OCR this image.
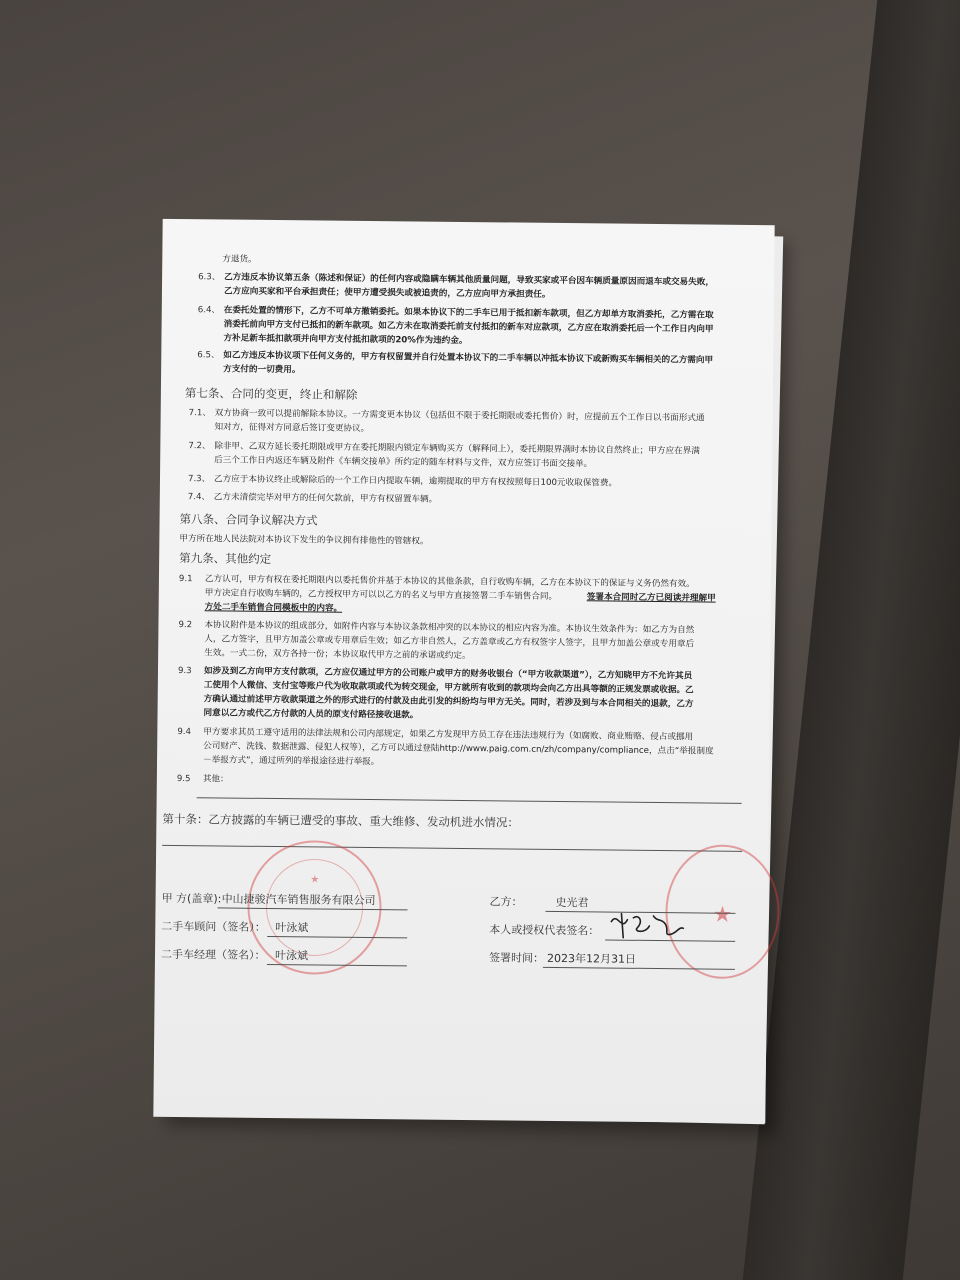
方退货。
6.3、 乙方违反本协议第五条（陈述和保证）的任何内容或隐瞒车辆其他质量问题，导致买家或平台因车辆质量原因而退车或交易失败，
乙方应向买家和平台承担责任；使甲方遭受损失或被追责的，乙方应向甲方承担责任。
6.4、 在委托处置的情形下，乙方不可单方撤销委托。如果本协议下的二手车已用于抵扣新车款项，但乙方却单方取消委托，乙方需在取
消委托前向甲方支付已抵扣的新车款项。如乙方未在取消委托前支付抵扣的新车对应款项，乙方应在取消委托后一个工作日内向甲
方补足新车抵扣款项并向甲方支付抵扣款项的20%作为违约金。
6.5、 如乙方违反本协议项下任何义务的，甲方有权留置并自行处置本协议下的二手车辆以冲抵本协议下或新购买车辆相关的乙方需向甲
方支付的一切费用。
第七条、合同的变更，终止和解除
7.1、 双方协商一致可以提前解除本协议。一方需变更本协议（包括但不限于委托期限或委托售价）时，应提前五个工作日以书面形式通
知对方，征得对方同意后签订变更协议。
7.2、 除非甲、乙双方延长委托期限或甲方在委托期限内锁定车辆购买方（解释同上），委托期限界满时本协议自然终止；甲方应在界满
后三个工作日内返还车辆及附件《车辆交接单》所约定的随车材料与文件，双方应签订书面交接单。
7.3、 乙方应于本协议终止或解除后的一个工作日内提取车辆，逾期提取的甲方有权按照每日100元收取保管费。
7.4、 乙方未清偿完毕对甲方的任何欠款前，甲方有权留置车辆。
第八条、合同争议解决方式
甲方所在地人民法院对本协议下发生的争议拥有排他性的管辖权。
第九条、其他约定
9.1 乙方认可，甲方有权在委托期限内以委托售价并基于本协议的其他条款，自行收购车辆，乙方在本协议下的保证与义务仍然有效。
甲方决定自行收购车辆的，乙方授权甲方可以以乙方的名义与甲方直接签署二手车销售合同。	签署本合同时乙方已阅读并理解甲
方处二手车销售合同模板中的内容。
9.2 本协议附件是本协议的组成部分，如附件内容与本协议条款相冲突的以本协议的相应内容为准。本协议生效条件为：如乙方为自然
人，乙方签字，且甲方加盖公章或专用章后生效；如乙方非自然人，乙方盖章或乙方有权签字人签字，且甲方加盖公章或专用章后
生效。一式二份，双方各持一份；本协议取代甲方之前的承诺或约定。
9.3 如涉及到乙方向甲方支付款项，乙方应仅通过甲方的公司账户或甲方的财务收银台（“甲方收款渠道”），乙方知晓甲方不允许其员
工使用个人微信、支付宝等账户代为收取款项或代为转交现金，甲方就所有收到的款项均会向乙方出具等额的正规发票或收据。乙
方确认通过前述甲方收款渠道之外的形式进行的付款及由此引发的纠纷均与甲方无关。同时，若涉及到与本合同相关的退款，乙方
同意以乙方或代乙方付款的人员的原支付路径接收退款。
9.4 甲方要求其员工遵守适用的法律法规和公司内部规定，如果乙方发现甲方员工存在违法违规行为（如腐败、商业贿赂、侵占或挪用
公司财产、洗钱、数据泄露、侵犯人权等），乙方可以通过登陆http://www.paig.com.cn/zh/company/compliance，点击“举报制度
－举报方式”，通过所列的举报途径进行举报。
9.5 其他：
第十条：乙方披露的车辆已遭受的事故、重大维修、发动机进水情况：
★
★
甲 方(盖章): 中山捷骏汽车销售服务有限公司
二手车顾问（签名）： 叶泳斌
二手车经理（签名）： 叶泳斌
乙方：	史光君
本人或授权代表签名：
签署时间： 2023年12月31日
